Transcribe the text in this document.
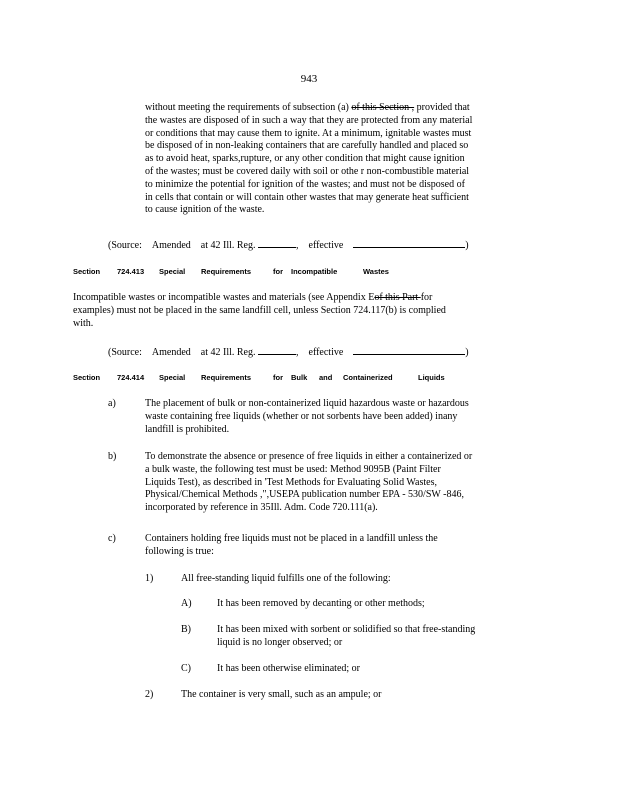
943
without meeting the requirements of subsection (a) of this Section , provided that
the wastes are disposed of in such a way that they are protected from any material
or conditions that may cause them to ignite. At a minimum, ignitable wastes must
be disposed of in non-leaking containers that are carefully handled and placed so
as to avoid heat, sparks,rupture, or any other condition that might cause ignition
of the wastes; must be covered daily with soil or othe r non-combustible material
to minimize the potential for ignition of the wastes; and must not be disposed of
in cells that contain or will contain other wastes that may generate heat sufficient
to cause ignition of the waste.
(Source: Amended at 42 Ill. Reg.	, effective	)
Section 724.413 Special Requirements	for Incompatible	Wastes
Incompatible wastes or incompatible wastes and materials (see Appendix Eof this Part for
examples) must not be placed in the same landfill cell, unless Section 724.117(b) is complied
with.
(Source: Amended at 42 Ill. Reg.	, effective	)
Section 724.414 Special Requirements	for Bulk and Containerized	Liquids
a)	The placement of bulk or non-containerized liquid hazardous waste or hazardous
waste containing free liquids (whether or not sorbents have been added) inany
landfill is prohibited.
b)	To demonstrate the absence or presence of free liquids in either a containerized or
a bulk waste, the following test must be used: Method 9095B (Paint Filter
Liquids Test), as described in 'Test Methods for Evaluating Solid Wastes,
Physical/Chemical Methods ,",USEPA publication number EPA - 530/SW -846,
incorporated by reference in 35Ill. Adm. Code 720.111(a).
c)	Containers holding free liquids must not be placed in a landfill unless the
following is true:
1)	All free-standing liquid fulfills one of the following:
A)	It has been removed by decanting or other methods;
B)	It has been mixed with sorbent or solidified so that free-standing
liquid is no longer observed; or
C)	It has been otherwise eliminated; or
2)	The container is very small, such as an ampule; or
